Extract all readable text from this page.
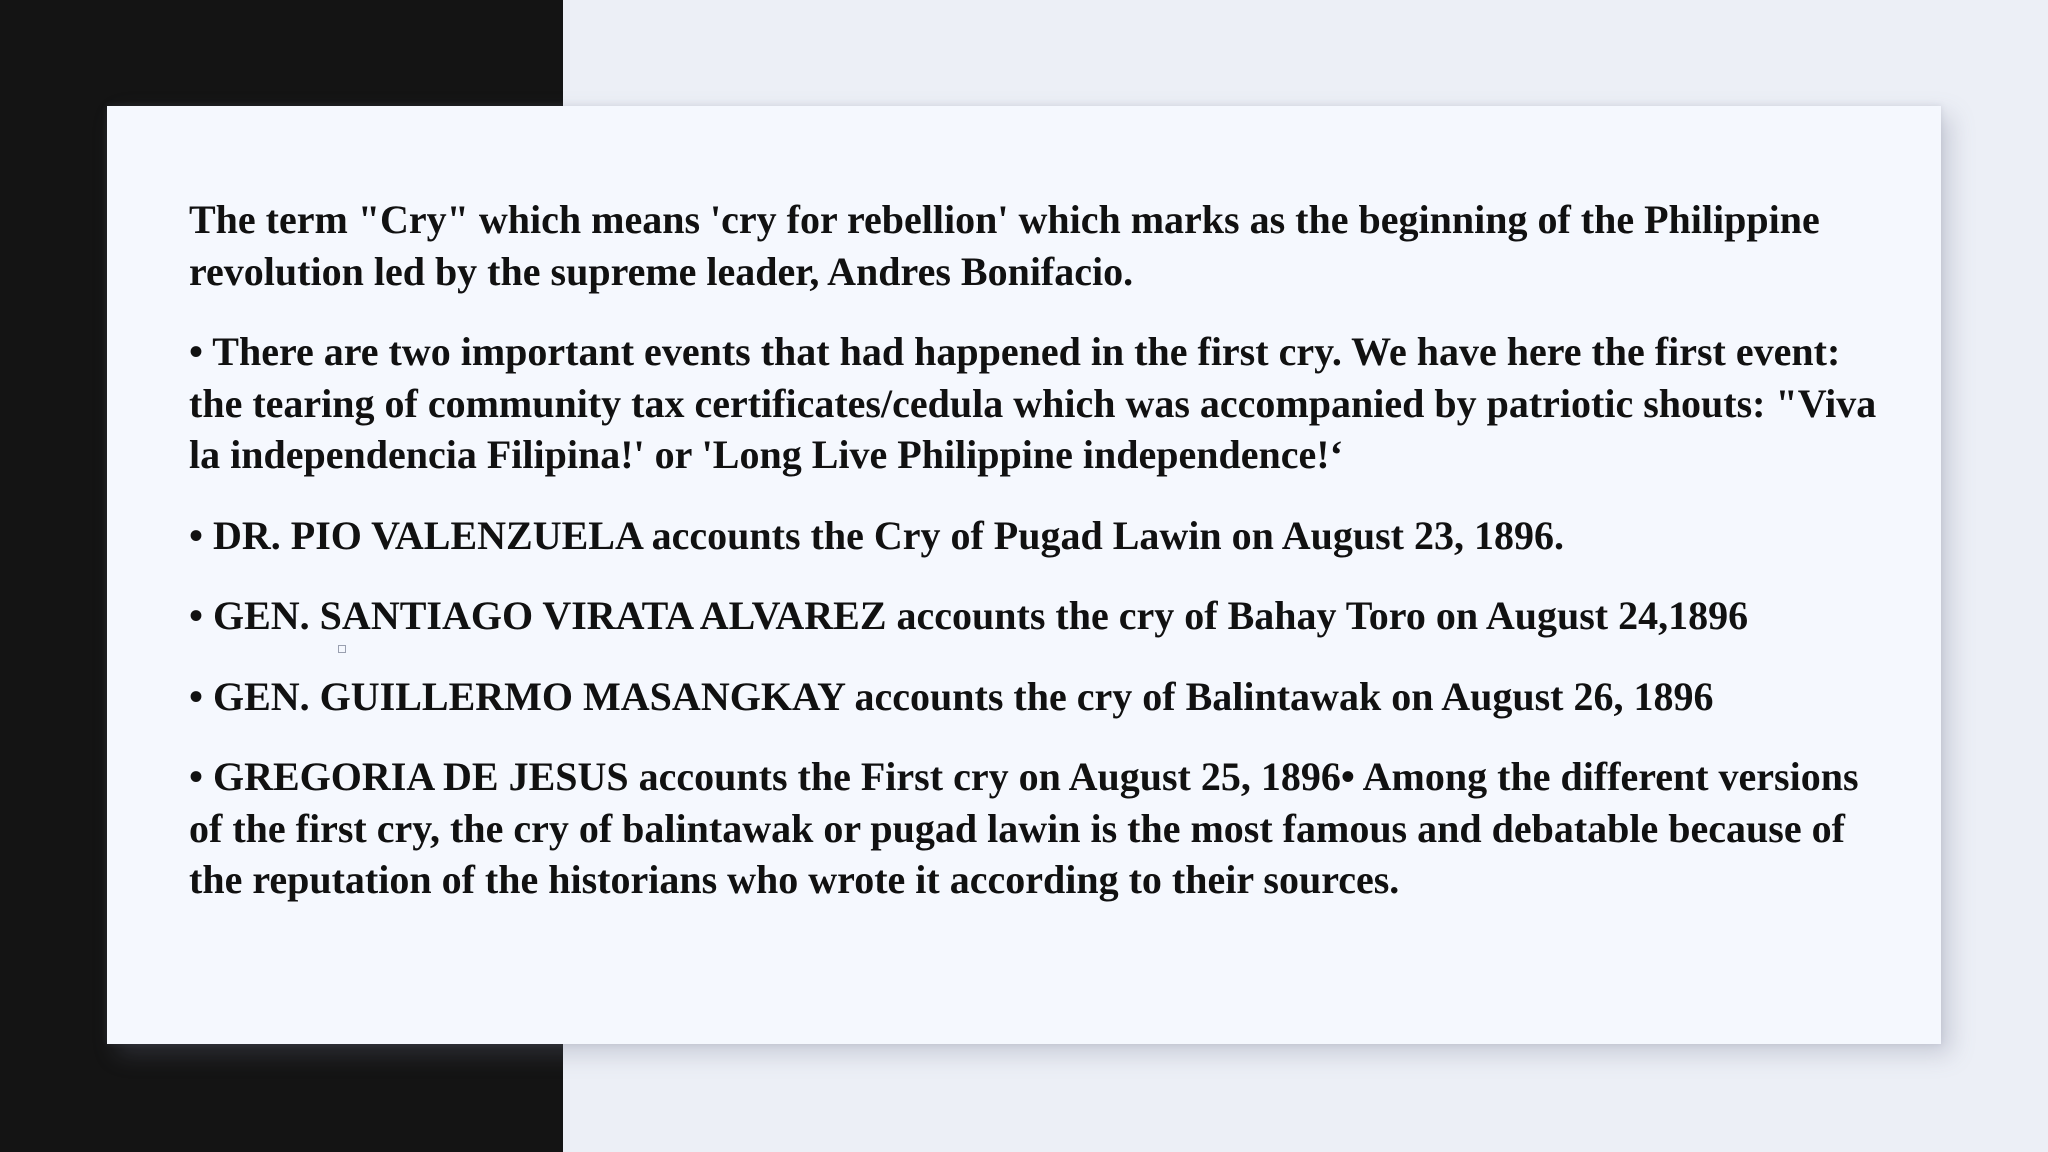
The term "Cry" which means 'cry for rebellion' which marks as the beginning of the Philippine revolution led by the supreme leader, Andres Bonifacio.

• There are two important events that had happened in the first cry. We have here the first event: the tearing of community tax certificates/cedula which was accompanied by patriotic shouts: "Viva la independencia Filipina!' or 'Long Live Philippine independence!‘

• DR. PIO VALENZUELA accounts the Cry of Pugad Lawin on August 23, 1896.

• GEN. SANTIAGO VIRATA ALVAREZ accounts the cry of Bahay Toro on August 24,1896

• GEN. GUILLERMO MASANGKAY accounts the cry of Balintawak on August 26, 1896

• GREGORIA DE JESUS accounts the First cry on August 25, 1896• Among the different versions of the first cry, the cry of balintawak or pugad lawin is the most famous and debatable because of the reputation of the historians who wrote it according to their sources.
